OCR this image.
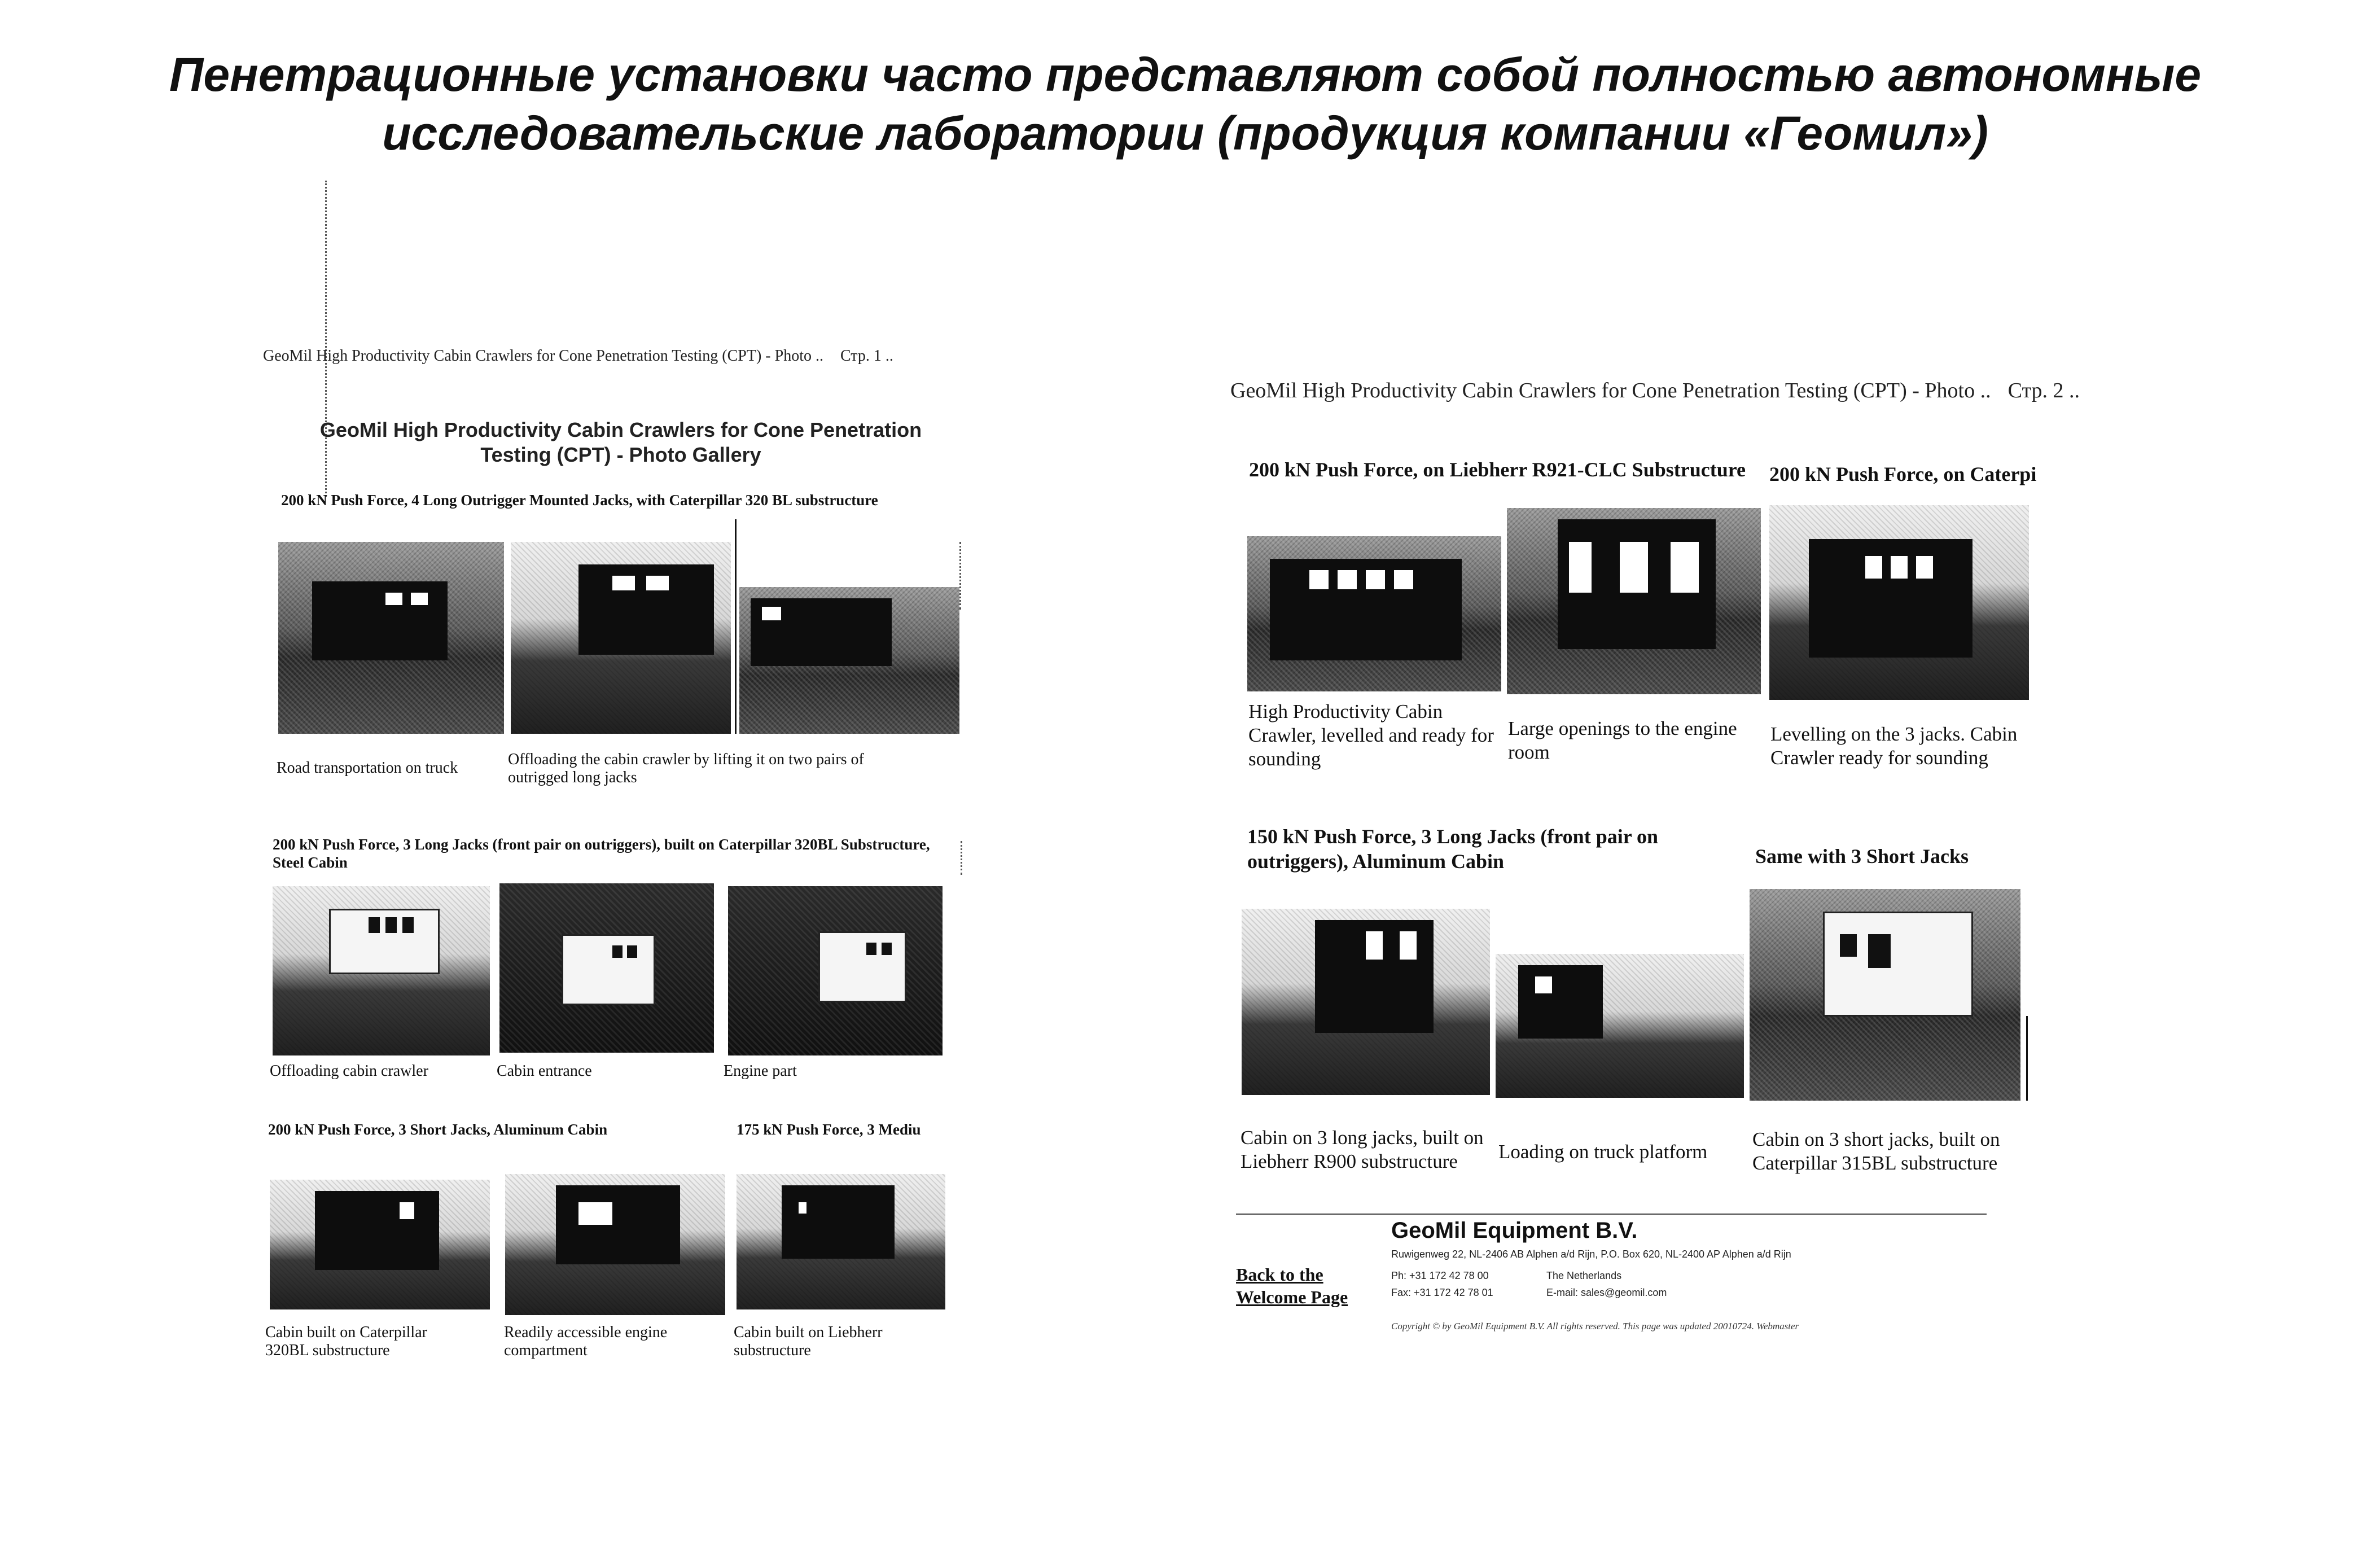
Пенетрационные установки часто представляют собой полностью автономные исследовательские лаборатории (продукция компании «Геомил»)
GeoMil High Productivity Cabin Crawlers for Cone Penetration Testing (CPT) - Photo .. Стр. 1 ..
GeoMil High Productivity Cabin Crawlers for Cone Penetration Testing (CPT) - Photo Gallery
200 kN Push Force, 4 Long Outrigger Mounted Jacks, with Caterpillar 320 BL substructure
Road transportation on truck	Offloading the cabin crawler by lifting it on two pairs of outrigged long jacks
200 kN Push Force, 3 Long Jacks (front pair on outriggers), built on Caterpillar 320BL Substructure, Steel Cabin
Offloading cabin crawler	Cabin entrance	Engine part
200 kN Push Force, 3 Short Jacks, Aluminum Cabin	175 kN Push Force, 3 Mediu
Cabin built on Caterpillar 320BL substructure
Readily accessible engine compartment
Cabin built on Liebherr substructure
GeoMil High Productivity Cabin Crawlers for Cone Penetration Testing (CPT) - Photo .. Стр. 2 ..
200 kN Push Force, on Liebherr R921-CLC Substructure	200 kN Push Force, on Caterpi
High Productivity Cabin Crawler, levelled and ready for sounding
Large openings to the engine room
Levelling on the 3 jacks. Cabin Crawler ready for sounding
150 kN Push Force, 3 Long Jacks (front pair on outriggers), Aluminum Cabin	Same with 3 Short Jacks
Cabin on 3 long jacks, built on Liebherr R900 substructure	Loading on truck platform
Cabin on 3 short jacks, built on Caterpillar 315BL substructure
GeoMil Equipment B.V.
Ruwigenweg 22, NL-2406 AB Alphen a/d Rijn, P.O. Box 620, NL-2400 AP Alphen a/d Rijn
Ph: +31 172 42 78 00	The Netherlands
Fax: +31 172 42 78 01	E-mail: sales@geomil.com
Back to the Welcome Page
Copyright © by GeoMil Equipment B.V. All rights reserved. This page was updated 20010724. Webmaster
